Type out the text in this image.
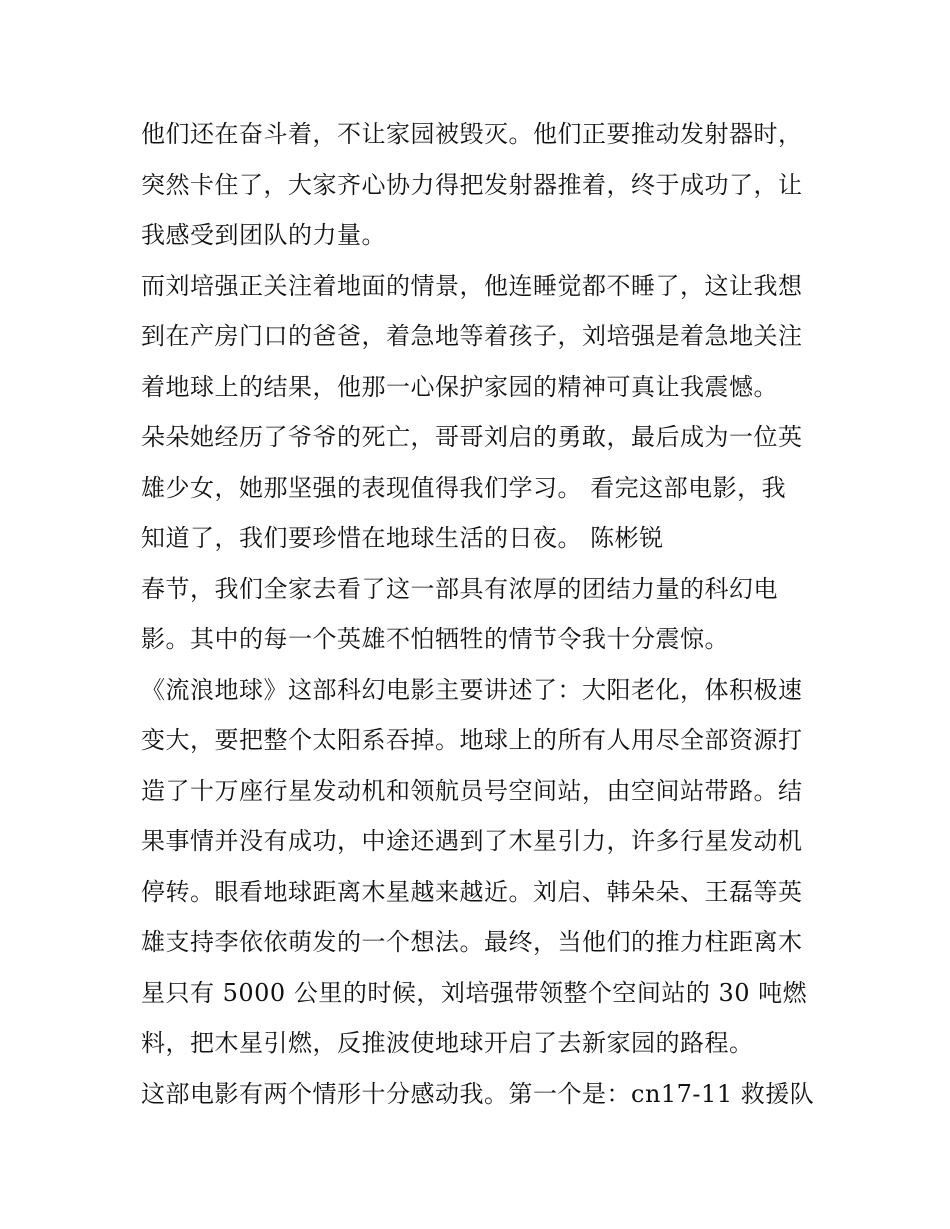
他们还在奋斗着，不让家园被毁灭。他们正要推动发射器时，
突然卡住了，大家齐心协力得把发射器推着，终于成功了，让
我感受到团队的力量。
而刘培强正关注着地面的情景，他连睡觉都不睡了，这让我想
到在产房门口的爸爸，着急地等着孩子，刘培强是着急地关注
着地球上的结果，他那一心保护家园的精神可真让我震憾。
朵朵她经历了爷爷的死亡，哥哥刘启的勇敢，最后成为一位英
雄少女，她那坚强的表现值得我们学习。 看完这部电影，我
知道了，我们要珍惜在地球生活的日夜。 陈彬锐
春节，我们全家去看了这一部具有浓厚的团结力量的科幻电
影。其中的每一个英雄不怕牺牲的情节令我十分震惊。
《流浪地球》这部科幻电影主要讲述了：大阳老化，体积极速
变大，要把整个太阳系吞掉。地球上的所有人用尽全部资源打
造了十万座行星发动机和领航员号空间站，由空间站带路。结
果事情并没有成功，中途还遇到了木星引力，许多行星发动机
停转。眼看地球距离木星越来越近。刘启、韩朵朵、王磊等英
雄支持李依依萌发的一个想法。最终，当他们的推力柱距离木
星只有 5000 公里的时候，刘培强带领整个空间站的 30 吨燃
料，把木星引燃，反推波使地球开启了去新家园的路程。
这部电影有两个情形十分感动我。第一个是：cn17-11 救援队
